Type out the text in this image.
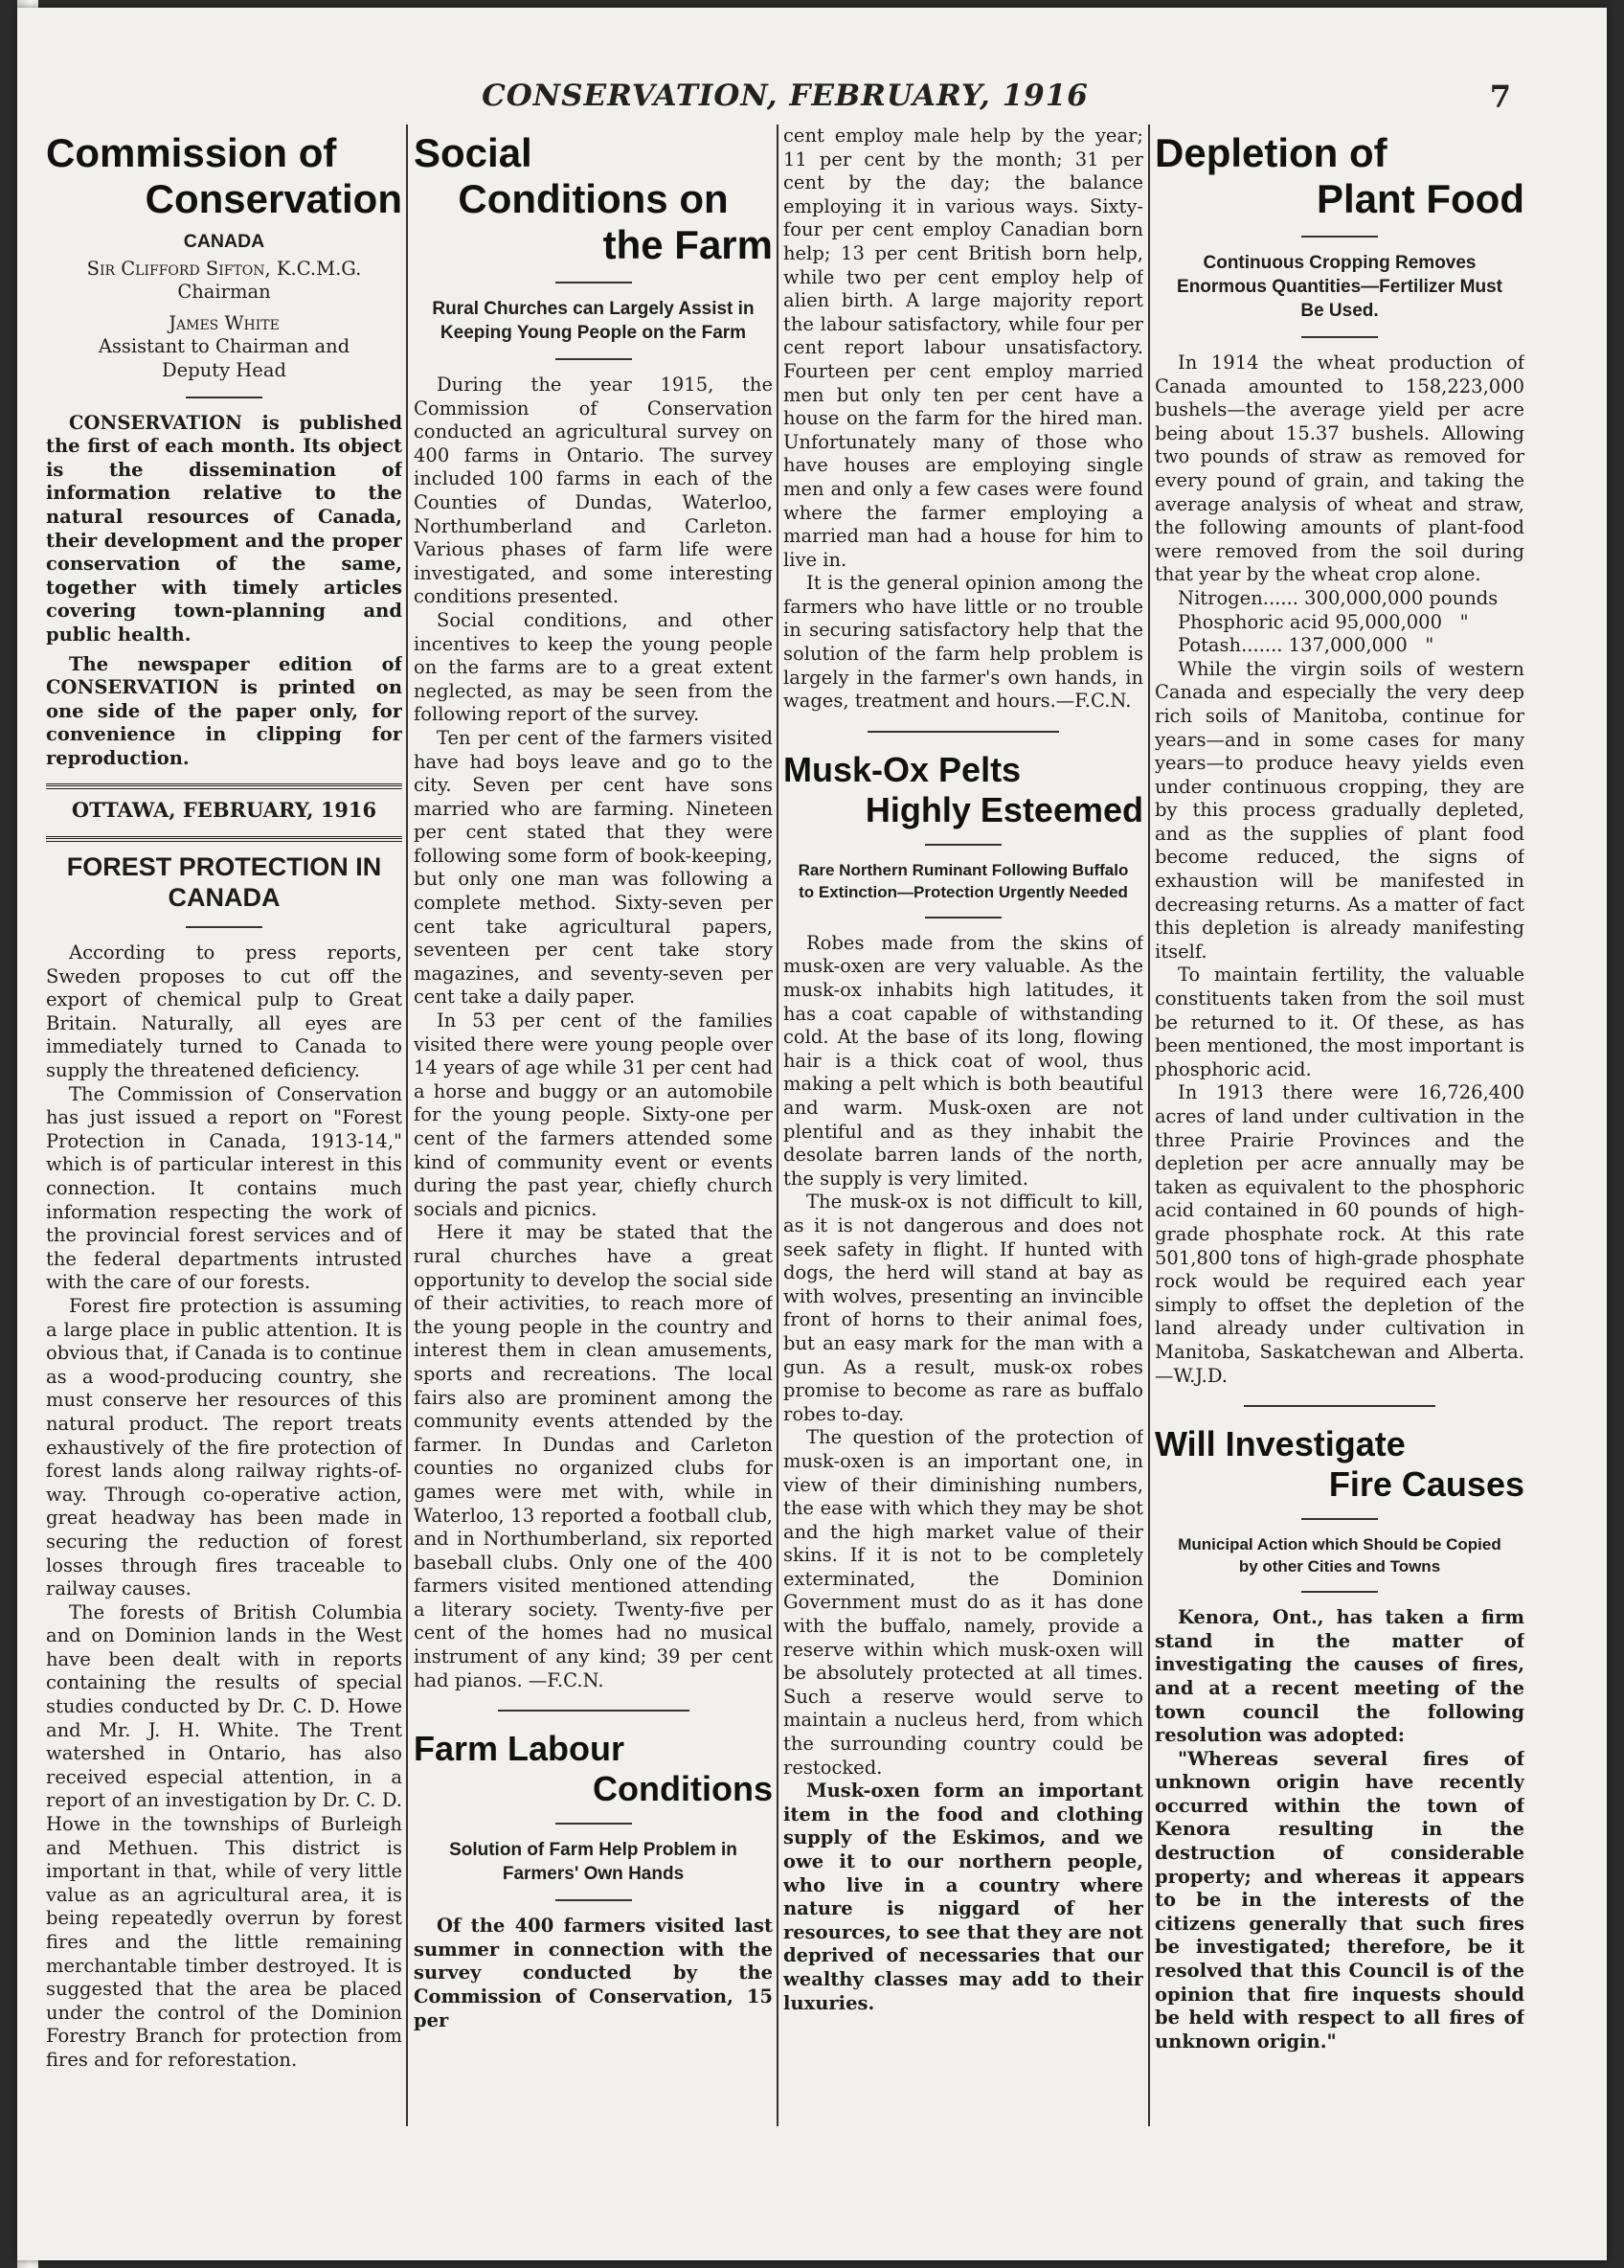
CONSERVATION, FEBRUARY, 1916	7
Commission of
Conservation
CANADA
Sir Clifford Sifton, K.C.M.G.
Chairman
James White
Assistant to Chairman and Deputy Head

CONSERVATION is published the first of each month. Its object is the dissemination of information relative to the natural resources of Canada, their development and the proper conservation of the same, together with timely articles covering town-planning and public health.

The newspaper edition of CONSERVATION is printed on one side of the paper only, for convenience in clipping for reproduction.

OTTAWA, FEBRUARY, 1916
FOREST PROTECTION IN CANADA

According to press reports, Sweden proposes to cut off the export of chemical pulp to Great Britain. Naturally, all eyes are immediately turned to Canada to supply the threatened deficiency.

The Commission of Conservation has just issued a report on "Forest Protection in Canada, 1913-14," which is of particular interest in this connection. It contains much information respecting the work of the provincial forest services and of the federal departments intrusted with the care of our forests.

Forest fire protection is assuming a large place in public attention. It is obvious that, if Canada is to continue as a wood-producing country, she must conserve her resources of this natural product. The report treats exhaustively of the fire protection of forest lands along railway rights-of-way. Through co-operative action, great headway has been made in securing the reduction of forest losses through fires traceable to railway causes.

The forests of British Columbia and on Dominion lands in the West have been dealt with in reports containing the results of special studies conducted by Dr. C. D. Howe and Mr. J. H. White. The Trent watershed in Ontario, has also received especial attention, in a report of an investigation by Dr. C. D. Howe in the townships of Burleigh and Methuen. This district is important in that, while of very little value as an agricultural area, it is being repeatedly overrun by forest fires and the little remaining merchantable timber destroyed. It is suggested that the area be placed under the control of the Dominion Forestry Branch for protection from fires and for reforestation.

Social
Conditions on
the Farm
Rural Churches can Largely Assist in Keeping Young People on the Farm

During the year 1915, the Commission of Conservation conducted an agricultural survey on 400 farms in Ontario. The survey included 100 farms in each of the Counties of Dundas, Waterloo, Northumberland and Carleton. Various phases of farm life were investigated, and some interesting conditions presented.

Social conditions, and other incentives to keep the young people on the farms are to a great extent neglected, as may be seen from the following report of the survey.

Ten per cent of the farmers visited have had boys leave and go to the city. Seven per cent have sons married who are farming. Nineteen per cent stated that they were following some form of book-keeping, but only one man was following a complete method. Sixty-seven per cent take agricultural papers, seventeen per cent take story magazines, and seventy-seven per cent take a daily paper.

In 53 per cent of the families visited there were young people over 14 years of age while 31 per cent had a horse and buggy or an automobile for the young people. Sixty-one per cent of the farmers attended some kind of community event or events during the past year, chiefly church socials and picnics.

Here it may be stated that the rural churches have a great opportunity to develop the social side of their activities, to reach more of the young people in the country and interest them in clean amusements, sports and recreations. The local fairs also are prominent among the community events attended by the farmer. In Dundas and Carleton counties no organized clubs for games were met with, while in Waterloo, 13 reported a football club, and in Northumberland, six reported baseball clubs. Only one of the 400 farmers visited mentioned attending a literary society. Twenty-five per cent of the homes had no musical instrument of any kind; 39 per cent had pianos. —F.C.N.

Farm Labour
Conditions
Solution of Farm Help Problem in Farmers' Own Hands

Of the 400 farmers visited last summer in connection with the survey conducted by the Commission of Conservation, 15 per

cent employ male help by the year; 11 per cent by the month; 31 per cent by the day; the balance employing it in various ways. Sixty-four per cent employ Canadian born help; 13 per cent British born help, while two per cent employ help of alien birth. A large majority report the labour satisfactory, while four per cent report labour unsatisfactory. Fourteen per cent employ married men but only ten per cent have a house on the farm for the hired man. Unfortunately many of those who have houses are employing single men and only a few cases were found where the farmer employing a married man had a house for him to live in.

It is the general opinion among the farmers who have little or no trouble in securing satisfactory help that the solution of the farm help problem is largely in the farmer's own hands, in wages, treatment and hours.—F.C.N.

Musk-Ox Pelts
Highly Esteemed
Rare Northern Ruminant Following Buffalo to Extinction—Protection Urgently Needed

Robes made from the skins of musk-oxen are very valuable. As the musk-ox inhabits high latitudes, it has a coat capable of withstanding cold. At the base of its long, flowing hair is a thick coat of wool, thus making a pelt which is both beautiful and warm. Musk-oxen are not plentiful and as they inhabit the desolate barren lands of the north, the supply is very limited.

The musk-ox is not difficult to kill, as it is not dangerous and does not seek safety in flight. If hunted with dogs, the herd will stand at bay as with wolves, presenting an invincible front of horns to their animal foes, but an easy mark for the man with a gun. As a result, musk-ox robes promise to become as rare as buffalo robes to-day.

The question of the protection of musk-oxen is an important one, in view of their diminishing numbers, the ease with which they may be shot and the high market value of their skins. If it is not to be completely exterminated, the Dominion Government must do as it has done with the buffalo, namely, provide a reserve within which musk-oxen will be absolutely protected at all times. Such a reserve would serve to maintain a nucleus herd, from which the surrounding country could be restocked.

Musk-oxen form an important item in the food and clothing supply of the Eskimos, and we owe it to our northern people, who live in a country where nature is niggard of her resources, to see that they are not deprived of necessaries that our wealthy classes may add to their luxuries.

Depletion of
Plant Food
Continuous Cropping Removes Enormous Quantities—Fertilizer Must Be Used.

In 1914 the wheat production of Canada amounted to 158,223,000 bushels—the average yield per acre being about 15.37 bushels. Allowing two pounds of straw as removed for every pound of grain, and taking the average analysis of wheat and straw, the following amounts of plant-food were removed from the soil during that year by the wheat crop alone.

Nitrogen...... 300,000,000 pounds

Phosphoric acid 95,000,000   "

Potash....... 137,000,000   "

While the virgin soils of western Canada and especially the very deep rich soils of Manitoba, continue for years—and in some cases for many years—to produce heavy yields even under continuous cropping, they are by this process gradually depleted, and as the supplies of plant food become reduced, the signs of exhaustion will be manifested in decreasing returns. As a matter of fact this depletion is already manifesting itself.

To maintain fertility, the valuable constituents taken from the soil must be returned to it. Of these, as has been mentioned, the most important is phosphoric acid.

In 1913 there were 16,726,400 acres of land under cultivation in the three Prairie Provinces and the depletion per acre annually may be taken as equivalent to the phosphoric acid contained in 60 pounds of high-grade phosphate rock. At this rate 501,800 tons of high-grade phosphate rock would be required each year simply to offset the depletion of the land already under cultivation in Manitoba, Saskatchewan and Alberta.—W.J.D.

Will Investigate
Fire Causes
Municipal Action which Should be Copied by other Cities and Towns

Kenora, Ont., has taken a firm stand in the matter of investigating the causes of fires, and at a recent meeting of the town council the following resolution was adopted:

"Whereas several fires of unknown origin have recently occurred within the town of Kenora resulting in the destruction of considerable property; and whereas it appears to be in the interests of the citizens generally that such fires be investigated; therefore, be it resolved that this Council is of the opinion that fire inquests should be held with respect to all fires of unknown origin."
